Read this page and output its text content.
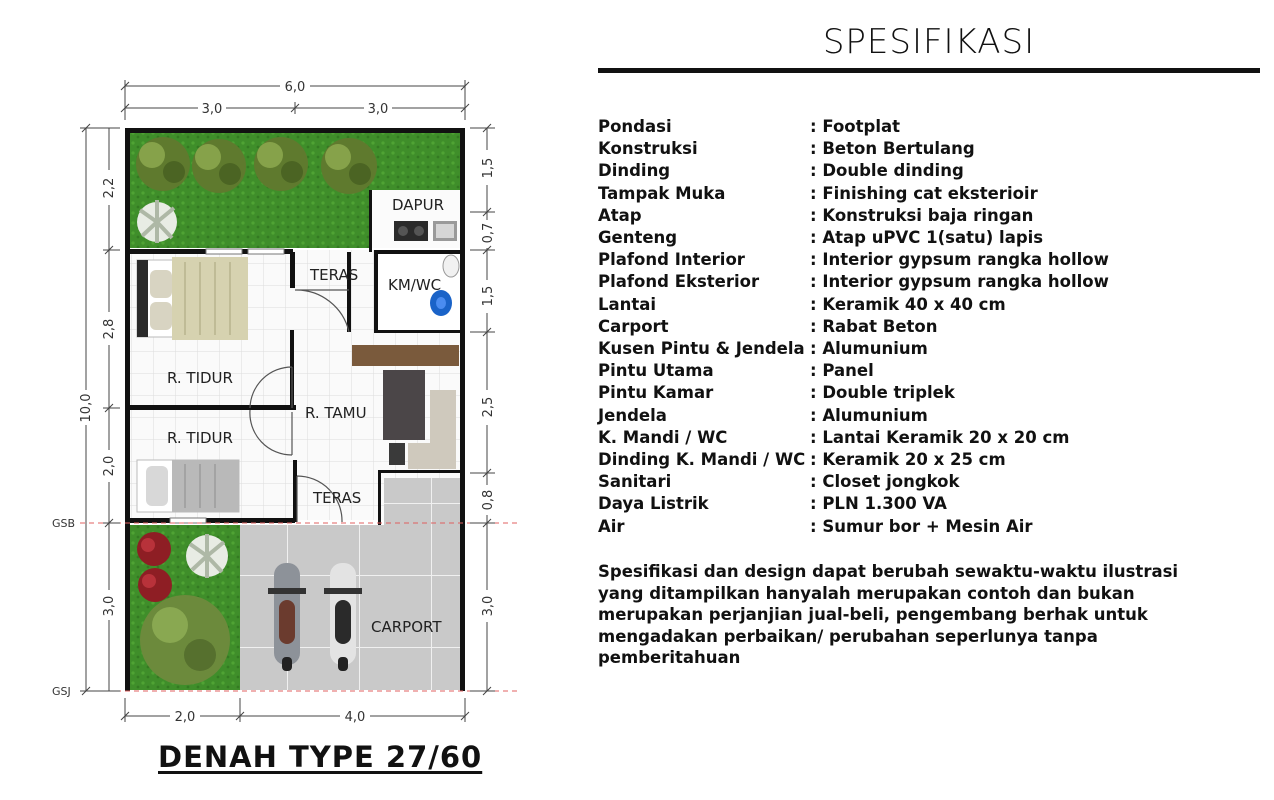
DAPUR
KM/WC
TERAS
R. TIDUR
R. TAMU
R. TIDUR
TERAS
CARPORT
GSB
GSJ
6,0
3,0	3,0
2,0	4,0
10,0
2,2
2,8
2,0
3,0
1,5
0,7
1,5
2,5
0,8
3,0
DENAH TYPE 27/60
SPESIFIKASI
Pondasi	: Footplat
Konstruksi	: Beton Bertulang
Dinding	: Double dinding
Tampak Muka	: Finishing cat eksterioir
Atap	: Konstruksi baja ringan
Genteng	: Atap uPVC 1(satu) lapis
Plafond Interior	: Interior gypsum rangka hollow
Plafond Eksterior	: Interior gypsum rangka hollow
Lantai	: Keramik 40 x 40 cm
Carport	: Rabat Beton
Kusen Pintu & Jendela	: Alumunium
Pintu Utama	: Panel
Pintu Kamar	: Double triplek
Jendela	: Alumunium
K. Mandi / WC	: Lantai Keramik 20 x 20 cm
Dinding K. Mandi / WC	: Keramik 20 x 25 cm
Sanitari	: Closet jongkok
Daya Listrik	: PLN 1.300 VA
Air	: Sumur bor + Mesin Air
Spesifikasi dan design dapat berubah sewaktu-waktu ilustrasi yang ditampilkan hanyalah merupakan contoh dan bukan merupakan perjanjian jual-beli, pengembang berhak untuk mengadakan perbaikan/ perubahan seperlunya tanpa pemberitahuan
